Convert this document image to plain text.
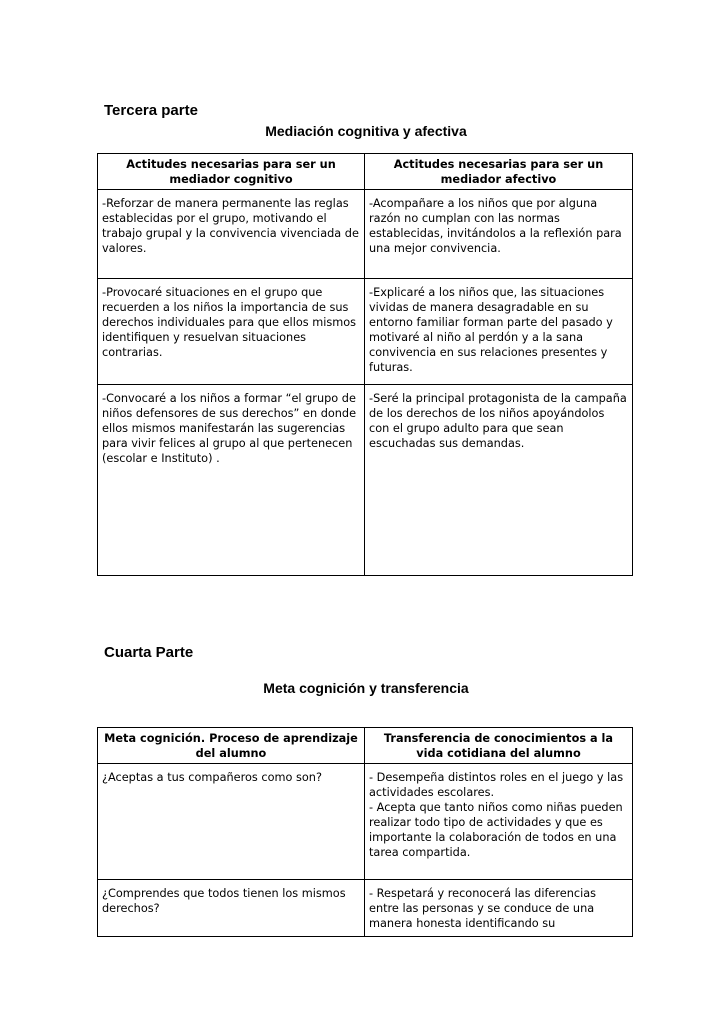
Tercera parte
Mediación cognitiva y afectiva
Actitudes necesarias para ser un mediador cognitivo	Actitudes necesarias para ser un mediador afectivo

-Reforzar de manera permanente las reglas establecidas por el grupo, motivando el trabajo grupal y la convivencia vivenciada de valores.	-Acompañare a los niños que por alguna razón no cumplan con las normas establecidas, invitándolos a la reflexión para una mejor convivencia.

-Provocaré situaciones en el grupo que recuerden a los niños la importancia de sus derechos individuales para que ellos mismos identifiquen y resuelvan situaciones contrarias.	-Explicaré a los niños que, las situaciones vividas de manera desagradable en su entorno familiar forman parte del pasado y motivaré al niño al perdón y a la sana convivencia en sus relaciones presentes y futuras.

-Convocaré a los niños a formar “el grupo de niños defensores de sus derechos” en donde ellos mismos manifestarán las sugerencias para vivir felices al grupo al que pertenecen (escolar e Instituto) .	-Seré la principal protagonista de la campaña de los derechos de los niños apoyándolos con el grupo adulto para que sean escuchadas sus demandas.
Cuarta Parte
Meta cognición y transferencia
Meta cognición. Proceso de aprendizaje del alumno	Transferencia de conocimientos a la vida cotidiana del alumno

¿Aceptas a tus compañeros como son?	- Desempeña distintos roles en el juego y las actividades escolares.
- Acepta que tanto niños como niñas pueden realizar todo tipo de actividades y que es importante la colaboración de todos en una tarea compartida.

¿Comprendes que todos tienen los mismos derechos?	- Respetará y reconocerá las diferencias entre las personas y se conduce de una manera honesta identificando su
